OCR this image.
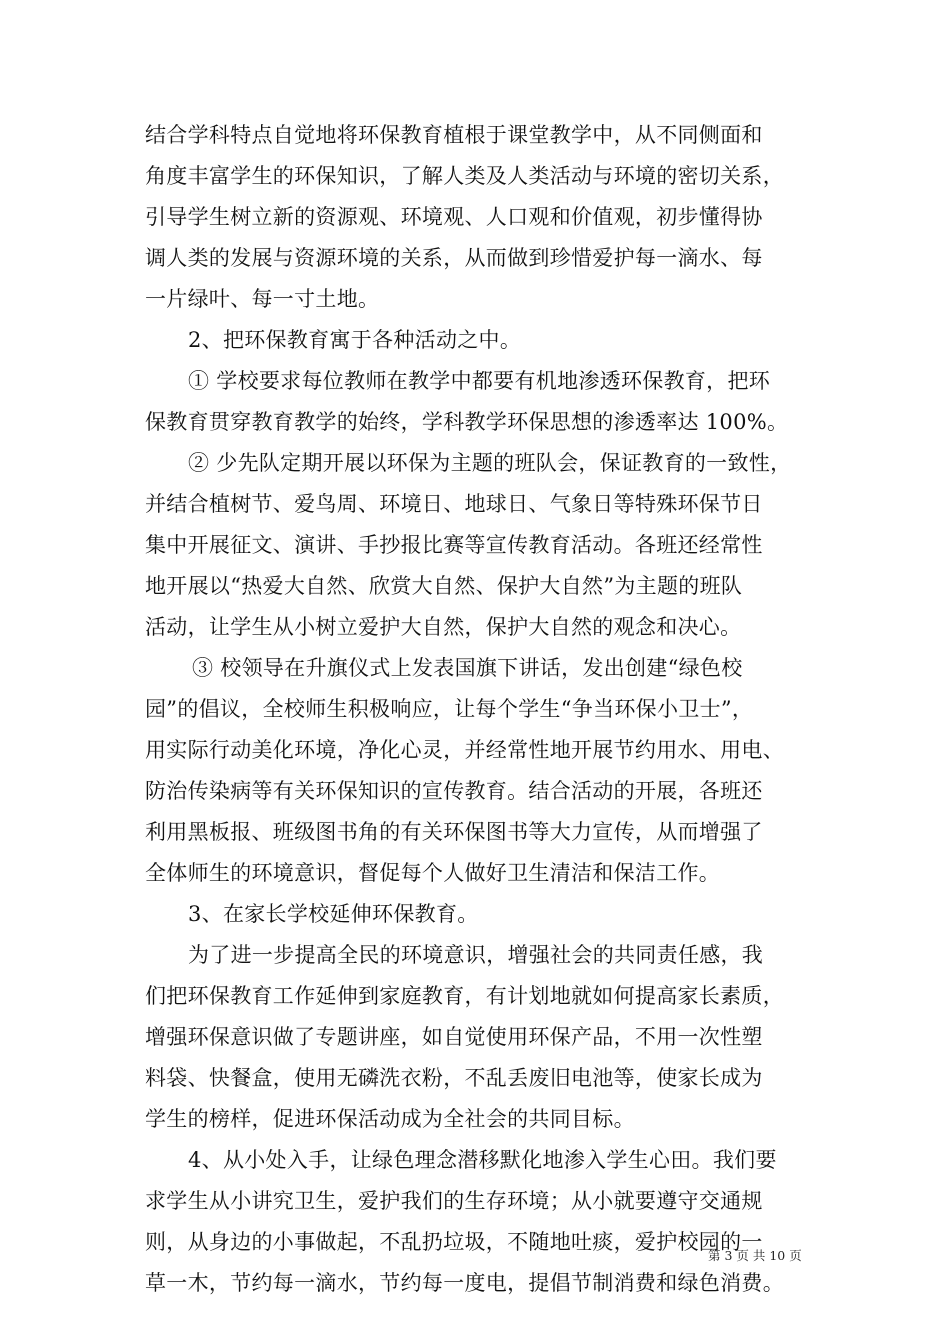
结合学科特点自觉地将环保教育植根于课堂教学中，从不同侧面和
角度丰富学生的环保知识，了解人类及人类活动与环境的密切关系，
引导学生树立新的资源观、环境观、人口观和价值观，初步懂得协
调人类的发展与资源环境的关系，从而做到珍惜爱护每一滴水、每
一片绿叶、每一寸土地。
2、把环保教育寓于各种活动之中。
① 学校要求每位教师在教学中都要有机地渗透环保教育，把环
保教育贯穿教育教学的始终，学科教学环保思想的渗透率达 100%。
② 少先队定期开展以环保为主题的班队会，保证教育的一致性，
并结合植树节、爱鸟周、环境日、地球日、气象日等特殊环保节日
集中开展征文、演讲、手抄报比赛等宣传教育活动。各班还经常性
地开展以“热爱大自然、欣赏大自然、保护大自然”为主题的班队
活动，让学生从小树立爱护大自然，保护大自然的观念和决心。
③ 校领导在升旗仪式上发表国旗下讲话，发出创建“绿色校
园”的倡议，全校师生积极响应，让每个学生“争当环保小卫士”，
用实际行动美化环境，净化心灵，并经常性地开展节约用水、用电、
防治传染病等有关环保知识的宣传教育。结合活动的开展，各班还
利用黑板报、班级图书角的有关环保图书等大力宣传，从而增强了
全体师生的环境意识，督促每个人做好卫生清洁和保洁工作。
3、在家长学校延伸环保教育。
为了进一步提高全民的环境意识，增强社会的共同责任感，我
们把环保教育工作延伸到家庭教育，有计划地就如何提高家长素质，
增强环保意识做了专题讲座，如自觉使用环保产品，不用一次性塑
料袋、快餐盒，使用无磷洗衣粉，不乱丢废旧电池等，使家长成为
学生的榜样，促进环保活动成为全社会的共同目标。
4、从小处入手，让绿色理念潜移默化地渗入学生心田。我们要
求学生从小讲究卫生，爱护我们的生存环境；从小就要遵守交通规
则，从身边的小事做起，不乱扔垃圾，不随地吐痰，爱护校园的一
草一木，节约每一滴水，节约每一度电，提倡节制消费和绿色消费。
第 3 页 共 10 页
